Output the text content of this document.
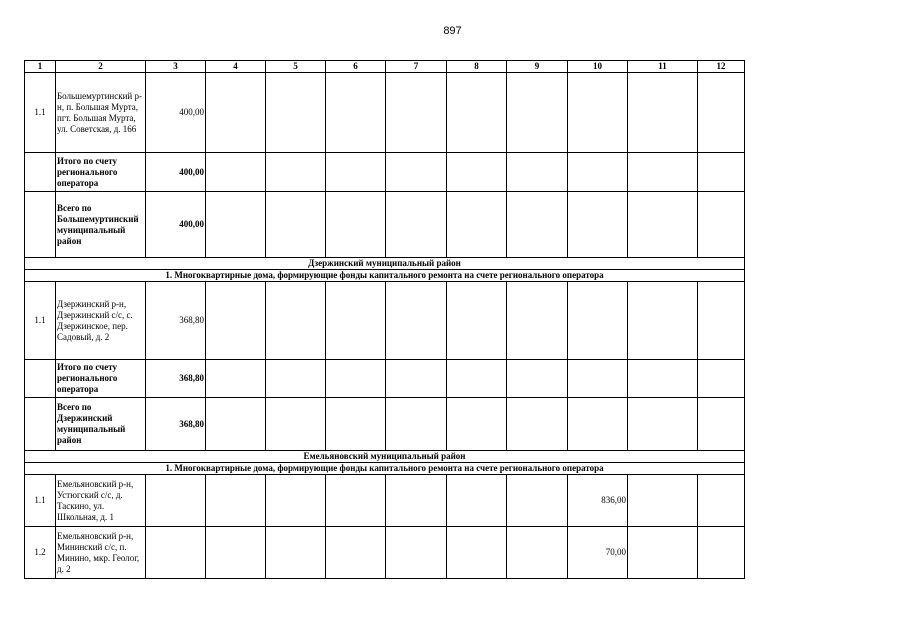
897
1	2	3	4	5	6	7	8	9	10	11	12
1.1	Большемуртинский р-н, п. Большая Мурта, пгт. Большая Мурта, ул. Советская, д. 166	400,00									
	Итого по счету регионального оператора	400,00									
	Всего по Большемуртинский муниципальный район	400,00									
Дзержинский муниципальный район											
1. Многоквартирные дома, формирующие фонды капитального ремонта на счете регионального оператора											
1.1	Дзержинский р-н, Дзержинский с/с, с. Дзержинское, пер. Садовый, д. 2	368,80									
	Итого по счету регионального оператора	368,80									
	Всего по Дзержинский муниципальный район	368,80									
Емельяновский муниципальный район											
1. Многоквартирные дома, формирующие фонды капитального ремонта на счете регионального оператора											
1.1	Емельяновский р-н, Устюгский с/с, д. Таскино, ул. Школьная, д. 1								836,00		
1.2	Емельяновский р-н, Мининский с/с, п. Минино, мкр. Геолог, д. 2								70,00		
